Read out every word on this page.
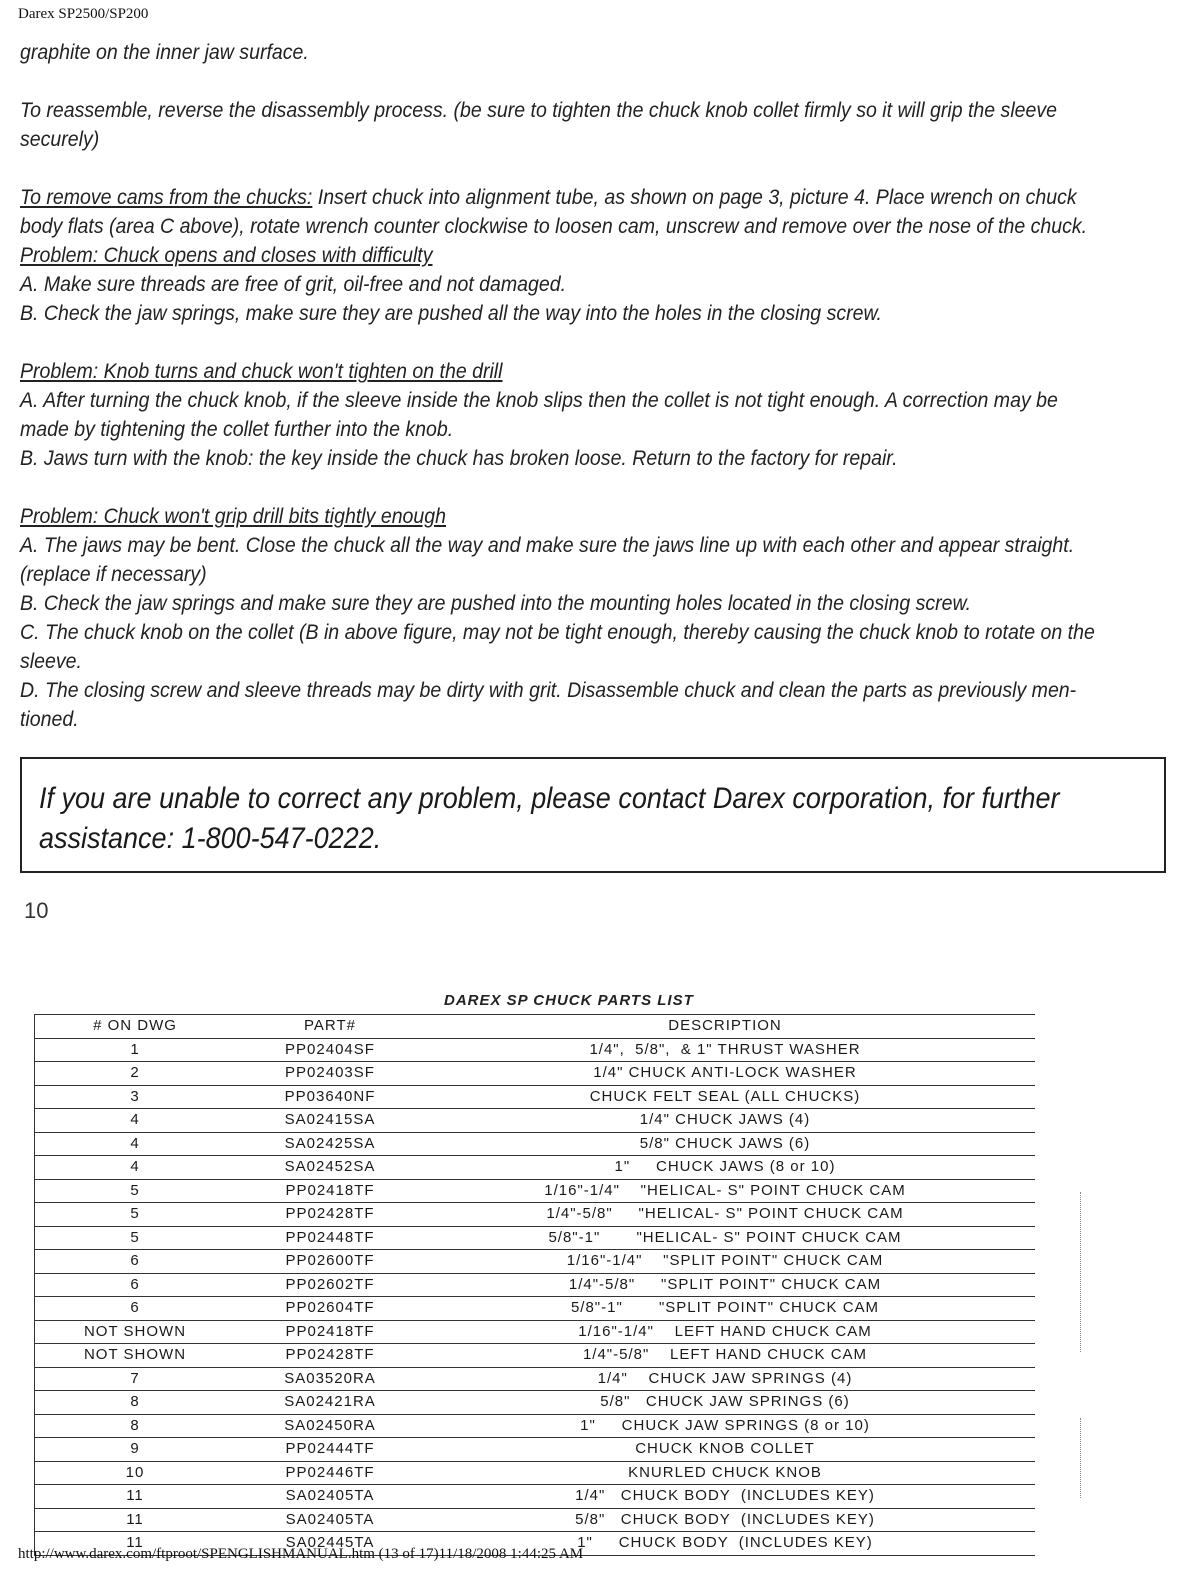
Darex SP2500/SP200

graphite on the inner jaw surface.

To reassemble, reverse the disassembly process. (be sure to tighten the chuck knob collet firmly so it will grip the sleeve

securely)

To remove cams from the chucks: Insert chuck into alignment tube, as shown on page 3, picture 4. Place wrench on chuck

body flats (area C above), rotate wrench counter clockwise to loosen cam, unscrew and remove over the nose of the chuck.

Problem: Chuck opens and closes with difficulty

A. Make sure threads are free of grit, oil-free and not damaged.

B. Check the jaw springs, make sure they are pushed all the way into the holes in the closing screw.

Problem: Knob turns and chuck won't tighten on the drill

A. After turning the chuck knob, if the sleeve inside the knob slips then the collet is not tight enough. A correction may be

made by tightening the collet further into the knob.

B. Jaws turn with the knob: the key inside the chuck has broken loose. Return to the factory for repair.

Problem: Chuck won't grip drill bits tightly enough

A. The jaws may be bent. Close the chuck all the way and make sure the jaws line up with each other and appear straight.

(replace if necessary)

B. Check the jaw springs and make sure they are pushed into the mounting holes located in the closing screw.

C. The chuck knob on the collet (B in above figure, may not be tight enough, thereby causing the chuck knob to rotate on the

sleeve.

D. The closing screw and sleeve threads may be dirty with grit. Disassemble chuck and clean the parts as previously men-

tioned.

If you are unable to correct any problem, please contact Darex corporation, for further
assistance: 1-800-547-0222.

10
DAREX SP CHUCK PARTS LIST
# ON DWG	PART#	DESCRIPTION
1	PP02404SF	1/4",  5/8",  & 1" THRUST WASHER
2	PP02403SF	1/4" CHUCK ANTI-LOCK WASHER
3	PP03640NF	CHUCK FELT SEAL (ALL CHUCKS)
4	SA02415SA	1/4" CHUCK JAWS (4)
4	SA02425SA	5/8" CHUCK JAWS (6)
4	SA02452SA	1"     CHUCK JAWS (8 or 10)
5	PP02418TF	1/16"-1/4"    "HELICAL- S" POINT CHUCK CAM
5	PP02428TF	1/4"-5/8"     "HELICAL- S" POINT CHUCK CAM
5	PP02448TF	5/8"-1"       "HELICAL- S" POINT CHUCK CAM
6	PP02600TF	1/16"-1/4"    "SPLIT POINT" CHUCK CAM
6	PP02602TF	1/4"-5/8"     "SPLIT POINT" CHUCK CAM
6	PP02604TF	5/8"-1"       "SPLIT POINT" CHUCK CAM
NOT SHOWN	PP02418TF	1/16"-1/4"    LEFT HAND CHUCK CAM
NOT SHOWN	PP02428TF	1/4"-5/8"    LEFT HAND CHUCK CAM
7	SA03520RA	1/4"    CHUCK JAW SPRINGS (4)
8	SA02421RA	5/8"   CHUCK JAW SPRINGS (6)
8	SA02450RA	1"     CHUCK JAW SPRINGS (8 or 10)
9	PP02444TF	CHUCK KNOB COLLET
10	PP02446TF	KNURLED CHUCK KNOB
11	SA02405TA	1/4"   CHUCK BODY  (INCLUDES KEY)
11	SA02405TA	5/8"   CHUCK BODY  (INCLUDES KEY)
11	SA02445TA	1"     CHUCK BODY  (INCLUDES KEY)
http://www.darex.com/ftproot/SPENGLISHMANUAL.htm (13 of 17)11/18/2008 1:44:25 AM
